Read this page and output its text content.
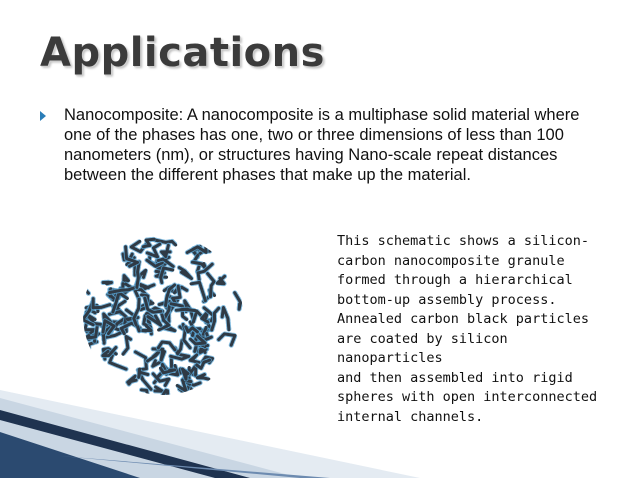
Applications

Nanocomposite: A nanocomposite is a multiphase solid material where one of the phases has one, two or three dimensions of less than 100 nanometers (nm), or structures having Nano-scale repeat distances between the different phases that make up the material.

This schematic shows a silicon-
carbon nanocomposite granule
formed through a hierarchical
bottom-up assembly process.
Annealed carbon black particles
are coated by silicon nanoparticles
and then assembled into rigid
spheres with open interconnected
internal channels.
